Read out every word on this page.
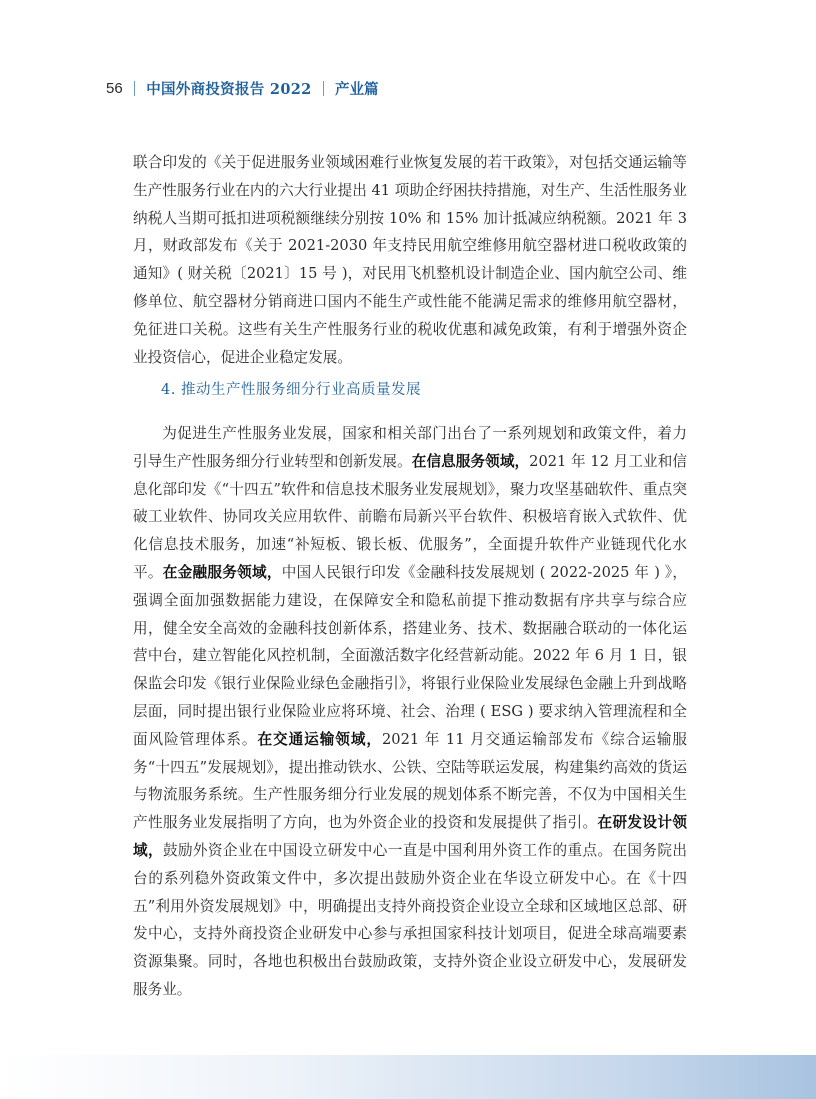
56 中国外商投资报告 2022 产业篇

联合印发的《关于促进服务业领域困难行业恢复发展的若干政策》，对包括交通运输等生产性服务行业在内的六大行业提出 41 项助企纾困扶持措施，对生产、生活性服务业纳税人当期可抵扣进项税额继续分别按 10% 和 15% 加计抵减应纳税额。2021 年 3 月，财政部发布《关于 2021-2030 年支持民用航空维修用航空器材进口税收政策的通知》( 财关税〔2021〕15 号 )，对民用飞机整机设计制造企业、国内航空公司、维修单位、航空器材分销商进口国内不能生产或性能不能满足需求的维修用航空器材，免征进口关税。这些有关生产性服务行业的税收优惠和减免政策，有利于增强外资企业投资信心，促进企业稳定发展。

4. 推动生产性服务细分行业高质量发展

为促进生产性服务业发展，国家和相关部门出台了一系列规划和政策文件，着力引导生产性服务细分行业转型和创新发展。在信息服务领域，2021 年 12 月工业和信息化部印发《“十四五”软件和信息技术服务业发展规划》，聚力攻坚基础软件、重点突破工业软件、协同攻关应用软件、前瞻布局新兴平台软件、积极培育嵌入式软件、优化信息技术服务，加速“补短板、锻长板、优服务”，全面提升软件产业链现代化水平。在金融服务领域，中国人民银行印发《金融科技发展规划 ( 2022-2025 年 ) 》，强调全面加强数据能力建设，在保障安全和隐私前提下推动数据有序共享与综合应用，健全安全高效的金融科技创新体系，搭建业务、技术、数据融合联动的一体化运营中台，建立智能化风控机制，全面激活数字化经营新动能。2022 年 6 月 1 日，银保监会印发《银行业保险业绿色金融指引》，将银行业保险业发展绿色金融上升到战略层面，同时提出银行业保险业应将环境、社会、治理 ( ESG ) 要求纳入管理流程和全面风险管理体系。在交通运输领域，2021 年 11 月交通运输部发布《综合运输服务“十四五”发展规划》，提出推动铁水、公铁、空陆等联运发展，构建集约高效的货运与物流服务系统。生产性服务细分行业发展的规划体系不断完善，不仅为中国相关生产性服务业发展指明了方向，也为外资企业的投资和发展提供了指引。在研发设计领域，鼓励外资企业在中国设立研发中心一直是中国利用外资工作的重点。在国务院出台的系列稳外资政策文件中，多次提出鼓励外资企业在华设立研发中心。在《十四五”利用外资发展规划》中，明确提出支持外商投资企业设立全球和区域地区总部、研发中心，支持外商投资企业研发中心参与承担国家科技计划项目，促进全球高端要素资源集聚。同时，各地也积极出台鼓励政策，支持外资企业设立研发中心，发展研发服务业。
